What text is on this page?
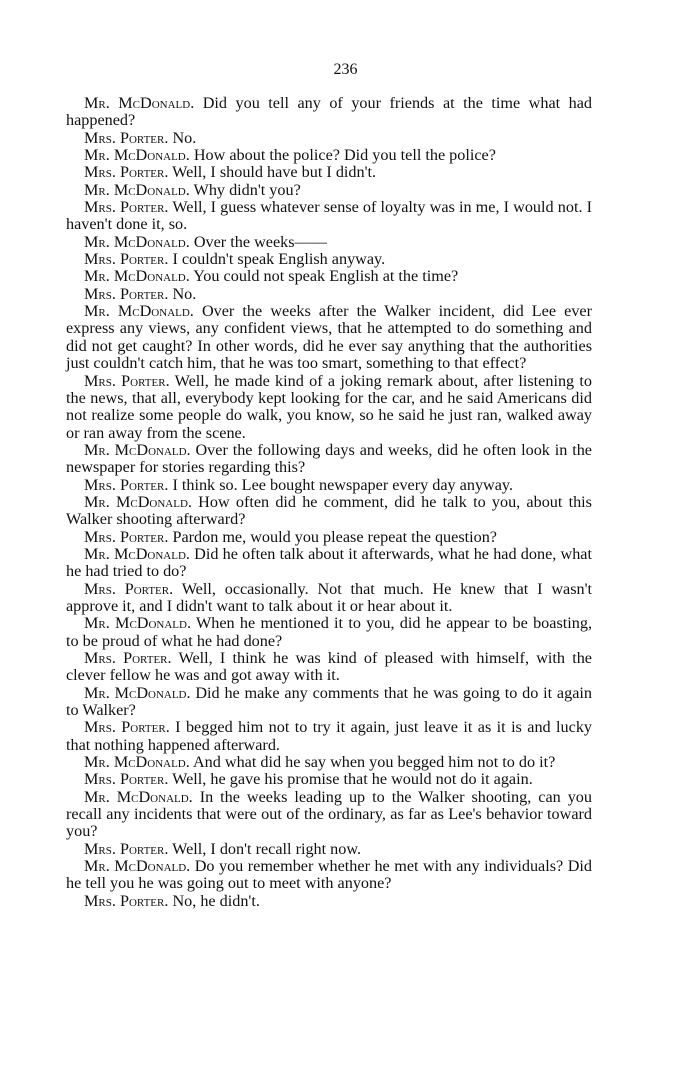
236

Mr. McDonald. Did you tell any of your friends at the time what had happened?

Mrs. Porter. No.

Mr. McDonald. How about the police? Did you tell the police?

Mrs. Porter. Well, I should have but I didn't.

Mr. McDonald. Why didn't you?

Mrs. Porter. Well, I guess whatever sense of loyalty was in me, I would not. I haven't done it, so.

Mr. McDonald. Over the weeks——

Mrs. Porter. I couldn't speak English anyway.

Mr. McDonald. You could not speak English at the time?

Mrs. Porter. No.

Mr. McDonald. Over the weeks after the Walker incident, did Lee ever express any views, any confident views, that he attempted to do something and did not get caught? In other words, did he ever say anything that the authorities just couldn't catch him, that he was too smart, something to that effect?

Mrs. Porter. Well, he made kind of a joking remark about, after listening to the news, that all, everybody kept looking for the car, and he said Americans did not realize some people do walk, you know, so he said he just ran, walked away or ran away from the scene.

Mr. McDonald. Over the following days and weeks, did he often look in the newspaper for stories regarding this?

Mrs. Porter. I think so. Lee bought newspaper every day anyway.

Mr. McDonald. How often did he comment, did he talk to you, about this Walker shooting afterward?

Mrs. Porter. Pardon me, would you please repeat the question?

Mr. McDonald. Did he often talk about it afterwards, what he had done, what he had tried to do?

Mrs. Porter. Well, occasionally. Not that much. He knew that I wasn't approve it, and I didn't want to talk about it or hear about it.

Mr. McDonald. When he mentioned it to you, did he appear to be boasting, to be proud of what he had done?

Mrs. Porter. Well, I think he was kind of pleased with himself, with the clever fellow he was and got away with it.

Mr. McDonald. Did he make any comments that he was going to do it again to Walker?

Mrs. Porter. I begged him not to try it again, just leave it as it is and lucky that nothing happened afterward.

Mr. McDonald. And what did he say when you begged him not to do it?

Mrs. Porter. Well, he gave his promise that he would not do it again.

Mr. McDonald. In the weeks leading up to the Walker shooting, can you recall any incidents that were out of the ordinary, as far as Lee's behavior toward you?

Mrs. Porter. Well, I don't recall right now.

Mr. McDonald. Do you remember whether he met with any individuals? Did he tell you he was going out to meet with anyone?

Mrs. Porter. No, he didn't.
